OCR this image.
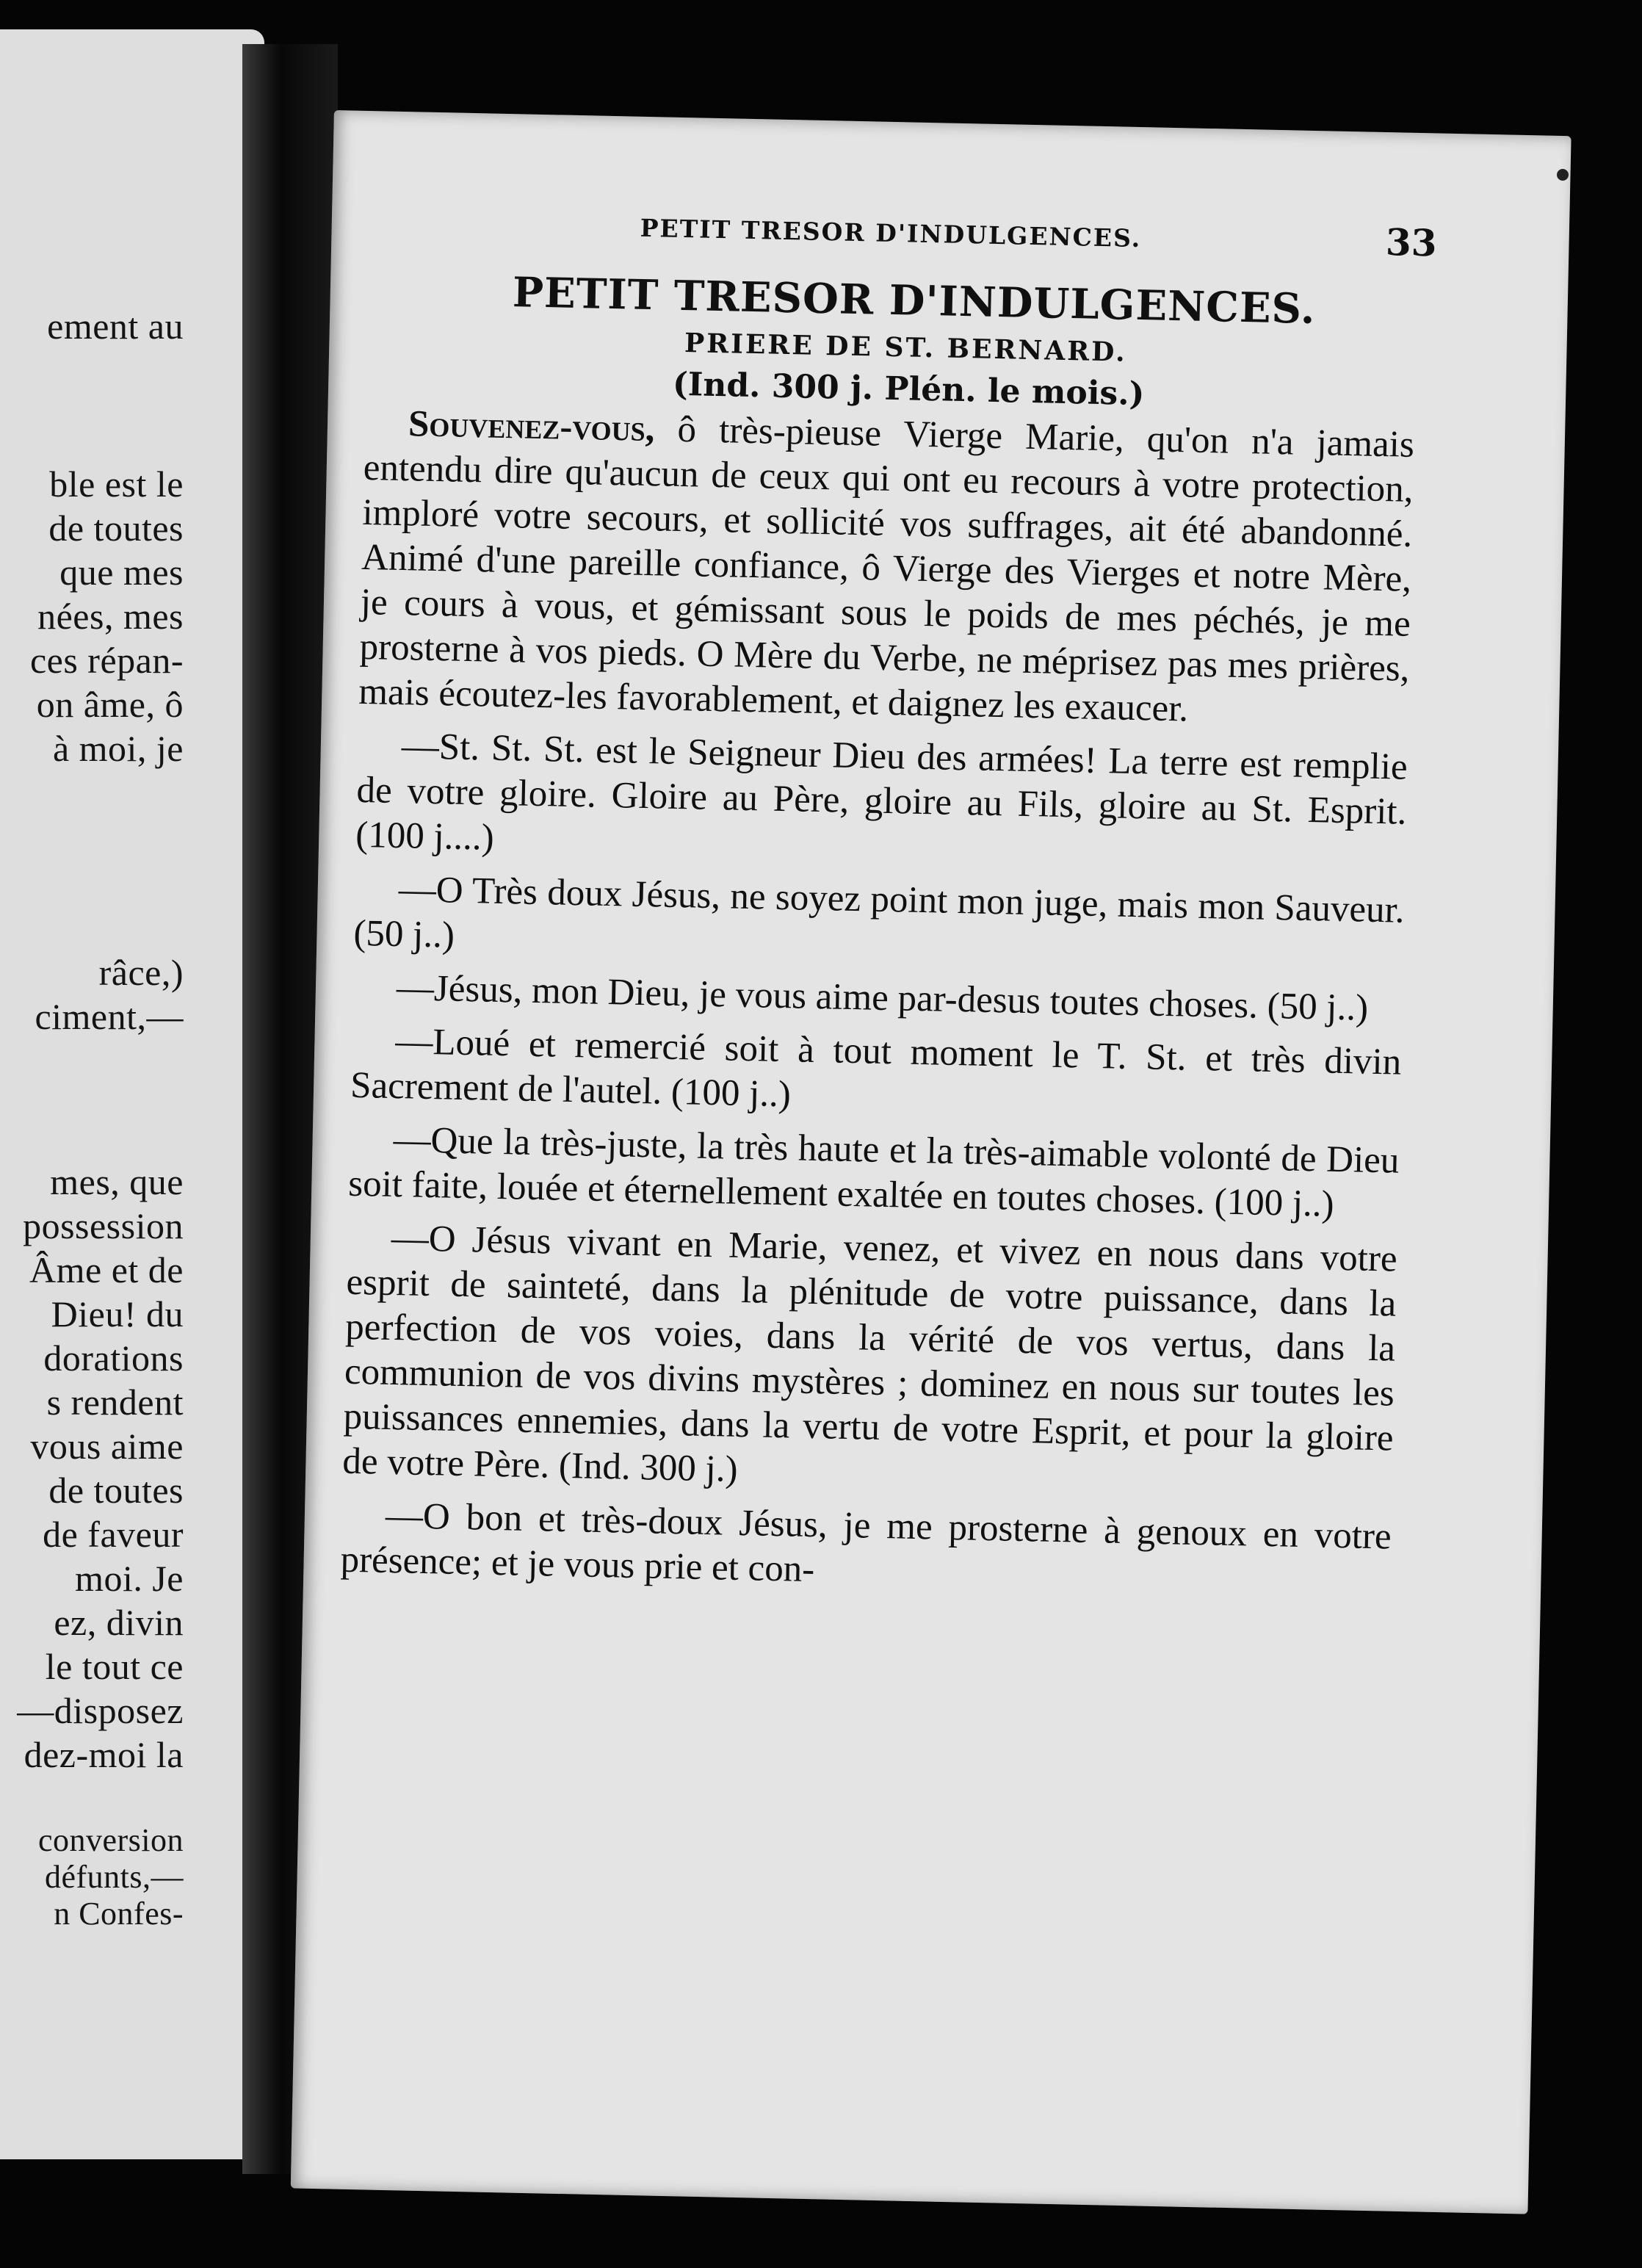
ement au
ble est le
de toutes
que mes
nées, mes
ces répan-
on âme, ô
à moi, je
râce,)
ciment,—
mes, que
possession
Âme et de
Dieu! du
dorations
s rendent
vous aime
de toutes
de faveur
moi. Je
ez, divin
le tout ce
—disposez
dez-moi la
conversion
défunts,—
n Confes-
PETIT TRESOR D'INDULGENCES.	33
PETIT TRESOR D'INDULGENCES.
PRIERE DE ST. BERNARD.
(Ind. 300 j. Plén. le mois.)

Souvenez-vous, ô très-pieuse Vierge Marie, qu'on n'a jamais entendu dire qu'aucun de ceux qui ont eu recours à votre protection, imploré votre secours, et sollicité vos suffrages, ait été abandonné. Animé d'une pareille confiance, ô Vierge des Vierges et notre Mère, je cours à vous, et gémissant sous le poids de mes péchés, je me prosterne à vos pieds. O Mère du Verbe, ne méprisez pas mes prières, mais écoutez-les favorablement, et daignez les exaucer.

—St. St. St. est le Seigneur Dieu des armées! La terre est remplie de votre gloire. Gloire au Père, gloire au Fils, gloire au St. Esprit. (100 j....)

—O Très doux Jésus, ne soyez point mon juge, mais mon Sauveur. (50 j..)

—Jésus, mon Dieu, je vous aime par-desus toutes choses. (50 j..)

—Loué et remercié soit à tout moment le T. St. et très divin Sacrement de l'autel. (100 j..)

—Que la très-juste, la très haute et la très-aimable volonté de Dieu soit faite, louée et éternellement exaltée en toutes choses. (100 j..)

—O Jésus vivant en Marie, venez, et vivez en nous dans votre esprit de sainteté, dans la plénitude de votre puissance, dans la perfection de vos voies, dans la vérité de vos vertus, dans la communion de vos divins mystères ; dominez en nous sur toutes les puissances ennemies, dans la vertu de votre Esprit, et pour la gloire de votre Père. (Ind. 300 j.)

—O bon et très-doux Jésus, je me prosterne à genoux en votre présence; et je vous prie et con-
